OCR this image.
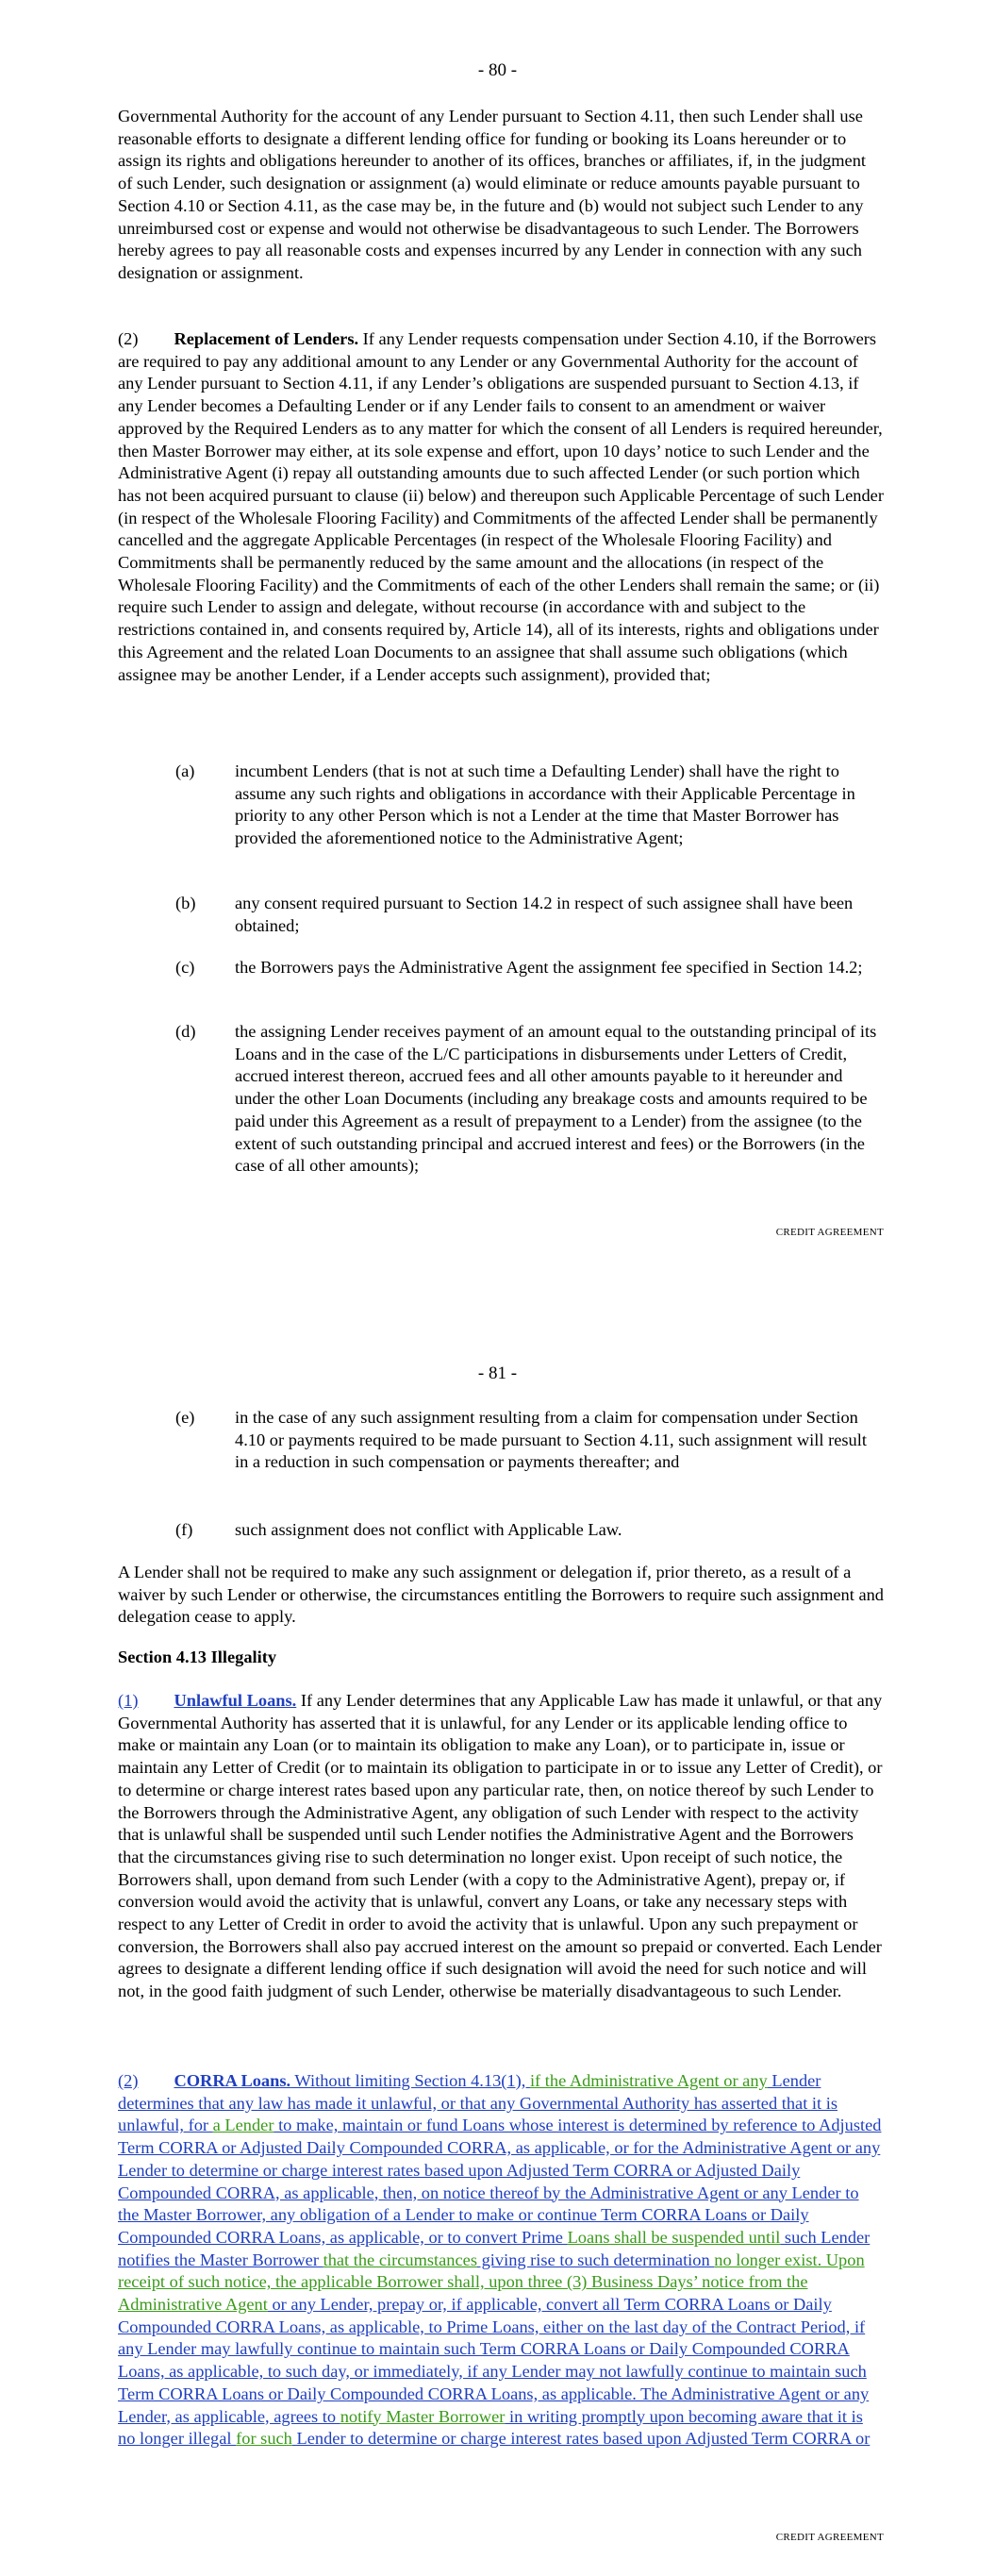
- 80 -

Governmental Authority for the account of any Lender pursuant to Section 4.11, then such Lender shall use reasonable efforts to designate a different lending office for funding or booking its Loans hereunder or to assign its rights and obligations hereunder to another of its offices, branches or affiliates, if, in the judgment of such Lender, such designation or assignment (a) would eliminate or reduce amounts payable pursuant to Section 4.10 or Section 4.11, as the case may be, in the future and (b) would not subject such Lender to any unreimbursed cost or expense and would not otherwise be disadvantageous to such Lender. The Borrowers hereby agrees to pay all reasonable costs and expenses incurred by any Lender in connection with any such designation or assignment.

(2) Replacement of Lenders. If any Lender requests compensation under Section 4.10, if the Borrowers are required to pay any additional amount to any Lender or any Governmental Authority for the account of any Lender pursuant to Section 4.11, if any Lender’s obligations are suspended pursuant to Section 4.13, if any Lender becomes a Defaulting Lender or if any Lender fails to consent to an amendment or waiver approved by the Required Lenders as to any matter for which the consent of all Lenders is required hereunder, then Master Borrower may either, at its sole expense and effort, upon 10 days’ notice to such Lender and the Administrative Agent (i) repay all outstanding amounts due to such affected Lender (or such portion which has not been acquired pursuant to clause (ii) below) and thereupon such Applicable Percentage of such Lender (in respect of the Wholesale Flooring Facility) and Commitments of the affected Lender shall be permanently cancelled and the aggregate Applicable Percentages (in respect of the Wholesale Flooring Facility) and Commitments shall be permanently reduced by the same amount and the allocations (in respect of the Wholesale Flooring Facility) and the Commitments of each of the other Lenders shall remain the same; or (ii) require such Lender to assign and delegate, without recourse (in accordance with and subject to the restrictions contained in, and consents required by, Article 14), all of its interests, rights and obligations under this Agreement and the related Loan Documents to an assignee that shall assume such obligations (which assignee may be another Lender, if a Lender accepts such assignment), provided that;

(a) incumbent Lenders (that is not at such time a Defaulting Lender) shall have the right to assume any such rights and obligations in accordance with their Applicable Percentage in priority to any other Person which is not a Lender at the time that Master Borrower has provided the aforementioned notice to the Administrative Agent;
(b) any consent required pursuant to Section 14.2 in respect of such assignee shall have been obtained;
(c) the Borrowers pays the Administrative Agent the assignment fee specified in Section 14.2;
(d) the assigning Lender receives payment of an amount equal to the outstanding principal of its Loans and in the case of the L/C participations in disbursements under Letters of Credit, accrued interest thereon, accrued fees and all other amounts payable to it hereunder and under the other Loan Documents (including any breakage costs and amounts required to be paid under this Agreement as a result of prepayment to a Lender) from the assignee (to the extent of such outstanding principal and accrued interest and fees) or the Borrowers (in the case of all other amounts);
CREDIT AGREEMENT
- 81 -
(e) in the case of any such assignment resulting from a claim for compensation under Section 4.10 or payments required to be made pursuant to Section 4.11, such assignment will result in a reduction in such compensation or payments thereafter; and
(f) such assignment does not conflict with Applicable Law.

A Lender shall not be required to make any such assignment or delegation if, prior thereto, as a result of a waiver by such Lender or otherwise, the circumstances entitling the Borrowers to require such assignment and delegation cease to apply.

Section 4.13 Illegality

(1) Unlawful Loans. If any Lender determines that any Applicable Law has made it unlawful, or that any Governmental Authority has asserted that it is unlawful, for any Lender or its applicable lending office to make or maintain any Loan (or to maintain its obligation to make any Loan), or to participate in, issue or maintain any Letter of Credit (or to maintain its obligation to participate in or to issue any Letter of Credit), or to determine or charge interest rates based upon any particular rate, then, on notice thereof by such Lender to the Borrowers through the Administrative Agent, any obligation of such Lender with respect to the activity that is unlawful shall be suspended until such Lender notifies the Administrative Agent and the Borrowers that the circumstances giving rise to such determination no longer exist. Upon receipt of such notice, the Borrowers shall, upon demand from such Lender (with a copy to the Administrative Agent), prepay or, if conversion would avoid the activity that is unlawful, convert any Loans, or take any necessary steps with respect to any Letter of Credit in order to avoid the activity that is unlawful. Upon any such prepayment or conversion, the Borrowers shall also pay accrued interest on the amount so prepaid or converted. Each Lender agrees to designate a different lending office if such designation will avoid the need for such notice and will not, in the good faith judgment of such Lender, otherwise be materially disadvantageous to such Lender.

(2) CORRA Loans. Without limiting Section 4.13(1), if the Administrative Agent or any Lender determines that any law has made it unlawful, or that any Governmental Authority has asserted that it is unlawful, for a Lender to make, maintain or fund Loans whose interest is determined by reference to Adjusted Term CORRA or Adjusted Daily Compounded CORRA, as applicable, or for the Administrative Agent or any Lender to determine or charge interest rates based upon Adjusted Term CORRA or Adjusted Daily Compounded CORRA, as applicable, then, on notice thereof by the Administrative Agent or any Lender to the Master Borrower, any obligation of a Lender to make or continue Term CORRA Loans or Daily Compounded CORRA Loans, as applicable, or to convert Prime Loans shall be suspended until such Lender notifies the Master Borrower that the circumstances giving rise to such determination no longer exist. Upon receipt of such notice, the applicable Borrower shall, upon three (3) Business Days’ notice from the Administrative Agent or any Lender, prepay or, if applicable, convert all Term CORRA Loans or Daily Compounded CORRA Loans, as applicable, to Prime Loans, either on the last day of the Contract Period, if any Lender may lawfully continue to maintain such Term CORRA Loans or Daily Compounded CORRA Loans, as applicable, to such day, or immediately, if any Lender may not lawfully continue to maintain such Term CORRA Loans or Daily Compounded CORRA Loans, as applicable. The Administrative Agent or any Lender, as applicable, agrees to notify Master Borrower in writing promptly upon becoming aware that it is no longer illegal for such Lender to determine or charge interest rates based upon Adjusted Term CORRA or

CREDIT AGREEMENT
